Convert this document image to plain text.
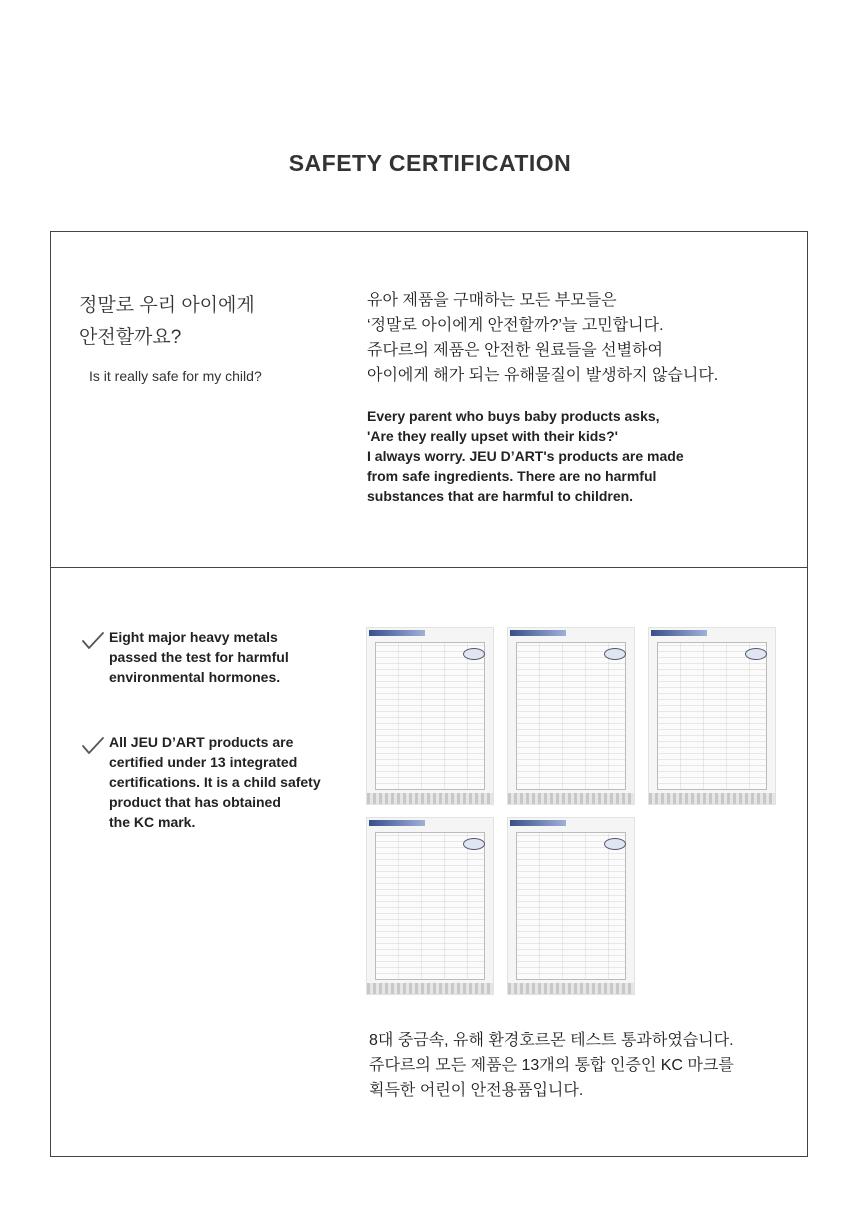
SAFETY CERTIFICATION
정말로 우리 아이에게
안전할까요?
Is it really safe for my child?
유아 제품을 구매하는 모든 부모들은
‘정말로 아이에게 안전할까?’늘 고민합니다.
쥬다르의 제품은 안전한 원료들을 선별하여
아이에게 해가 되는 유해물질이 발생하지 않습니다.
Every parent who buys baby products asks,
'Are they really upset with their kids?'
I always worry. JEU D’ART's products are made
from safe ingredients. There are no harmful
substances that are harmful to children.
Eight major heavy metals
passed the test for harmful
environmental hormones.
All JEU D’ART products are
certified under 13 integrated
certifications. It is a child safety
product that has obtained
the KC mark.
8대 중금속, 유해 환경호르몬 테스트 통과하였습니다.
쥬다르의 모든 제품은 13개의 통합 인증인 KC 마크를
획득한 어린이 안전용품입니다.
